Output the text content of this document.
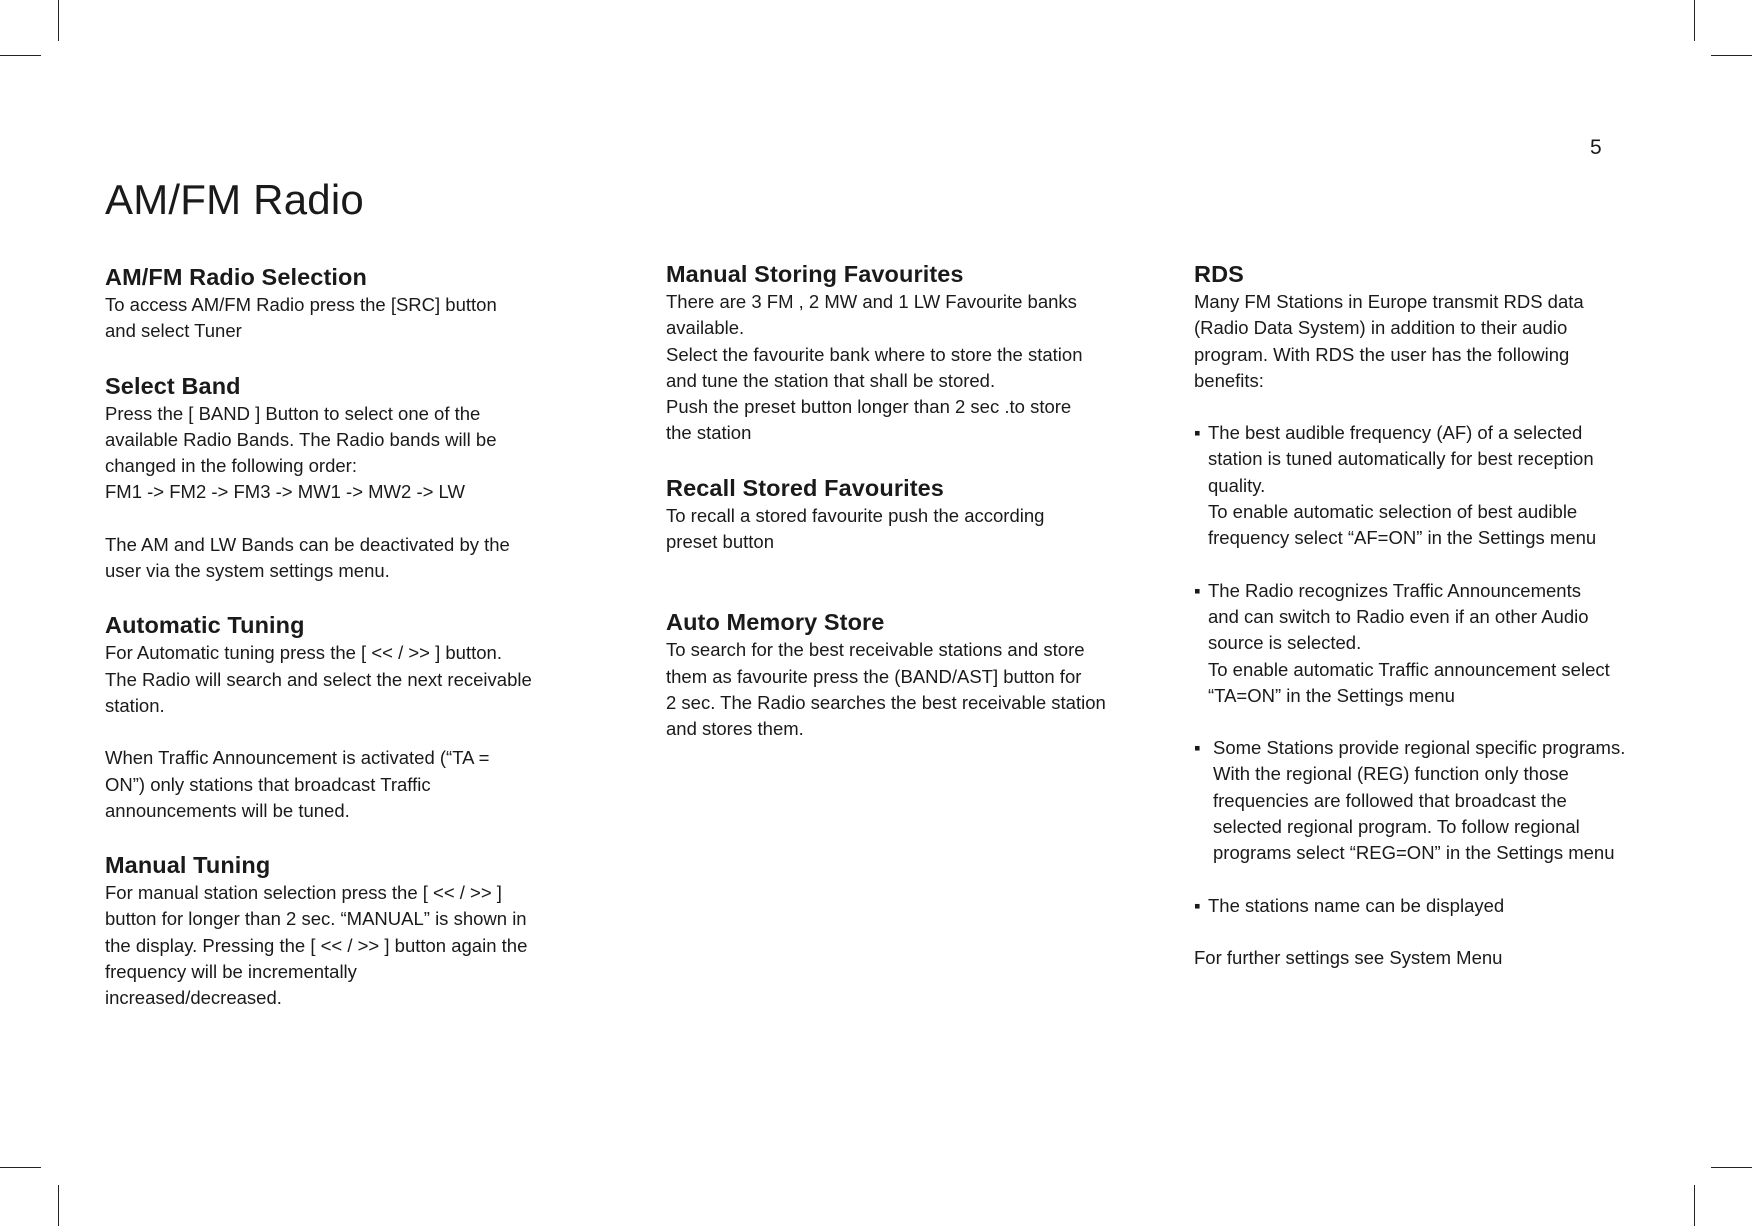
5
AM/FM Radio
AM/FM Radio Selection

To access AM/FM Radio press the [SRC] button

and select Tuner

Select Band

Press the [ BAND ] Button to select one of the

available Radio Bands. The Radio bands will be

changed in the following order:

FM1 -> FM2 -> FM3 -> MW1 -> MW2 -> LW

The AM and LW Bands can be deactivated by the

user via the system settings menu.

Automatic Tuning

For Automatic tuning press the [ << / >> ] button.

The Radio will search and select the next receivable

station.

When Traffic Announcement is activated (“TA =

ON”) only stations that broadcast Traffic

announcements will be tuned.

Manual Tuning

For manual station selection press the [ << / >> ]

button for longer than 2 sec. “MANUAL” is shown in

the display. Pressing the [ << / >> ] button again the

frequency will be incrementally

increased/decreased.

Manual Storing Favourites

There are 3 FM , 2 MW and 1 LW Favourite banks

available.

Select the favourite bank where to store the station

and tune the station that shall be stored.

Push the preset button longer than 2 sec .to store

the station

Recall Stored Favourites

To recall a stored favourite push the according

preset button

Auto Memory Store

To search for the best receivable stations and store

them as favourite press the (BAND/AST] button for

2 sec. The Radio searches the best receivable station

and stores them.

RDS

Many FM Stations in Europe transmit RDS data

(Radio Data System) in addition to their audio

program. With RDS the user has the following

benefits:

▪ The best audible frequency (AF) of a selected

station is tuned automatically for best reception

quality.

To enable automatic selection of best audible

frequency select “AF=ON” in the Settings menu

▪ The Radio recognizes Traffic Announcements

and can switch to Radio even if an other Audio

source is selected.

To enable automatic Traffic announcement select

“TA=ON” in the Settings menu

▪ Some Stations provide regional specific programs.

With the regional (REG) function only those

frequencies are followed that broadcast the

selected regional program. To follow regional

programs select “REG=ON” in the Settings menu

▪ The stations name can be displayed

For further settings see System Menu
